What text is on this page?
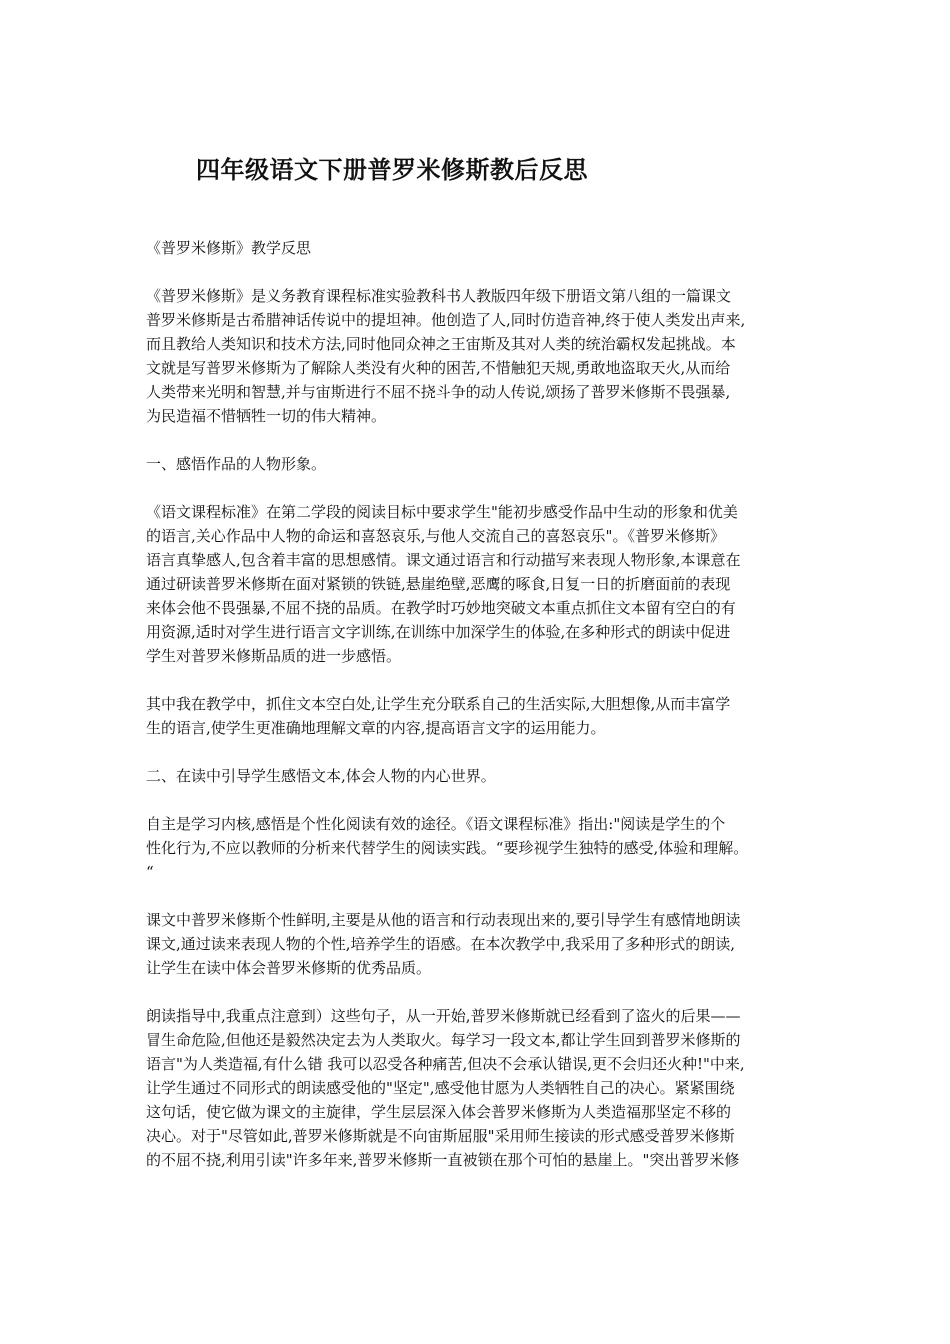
四年级语文下册普罗米修斯教后反思

《普罗米修斯》教学反思

《普罗米修斯》是义务教育课程标准实验教科书人教版四年级下册语文第八组的一篇课文
普罗米修斯是古希腊神话传说中的提坦神。他创造了人,同时仿造音神,终于使人类发出声来,
而且教给人类知识和技术方法,同时他同众神之王宙斯及其对人类的统治霸权发起挑战。本
文就是写普罗米修斯为了解除人类没有火种的困苦,不惜触犯天规,勇敢地盗取天火,从而给
人类带来光明和智慧,并与宙斯进行不屈不挠斗争的动人传说,颂扬了普罗米修斯不畏强暴,
为民造福不惜牺牲一切的伟大精神。

一、感悟作品的人物形象。

《语文课程标准》在第二学段的阅读目标中要求学生"能初步感受作品中生动的形象和优美
的语言,关心作品中人物的命运和喜怒哀乐,与他人交流自己的喜怒哀乐"。《普罗米修斯》
语言真挚感人,包含着丰富的思想感情。课文通过语言和行动描写来表现人物形象,本课意在
通过研读普罗米修斯在面对紧锁的铁链,悬崖绝壁,恶鹰的啄食,日复一日的折磨面前的表现
来体会他不畏强暴,不屈不挠的品质。在教学时巧妙地突破文本重点抓住文本留有空白的有
用资源,适时对学生进行语言文字训练,在训练中加深学生的体验,在多种形式的朗读中促进
学生对普罗米修斯品质的进一步感悟。

其中我在教学中，抓住文本空白处,让学生充分联系自己的生活实际,大胆想像,从而丰富学
生的语言,使学生更准确地理解文章的内容,提高语言文字的运用能力。

二、在读中引导学生感悟文本,体会人物的内心世界。

自主是学习内核,感悟是个性化阅读有效的途径。《语文课程标准》指出:"阅读是学生的个
性化行为,不应以教师的分析来代替学生的阅读实践。“要珍视学生独特的感受,体验和理解。
“

课文中普罗米修斯个性鲜明,主要是从他的语言和行动表现出来的,要引导学生有感情地朗读
课文,通过读来表现人物的个性,培养学生的语感。在本次教学中,我采用了多种形式的朗读,
让学生在读中体会普罗米修斯的优秀品质。

朗读指导中,我重点注意到）这些句子，从一开始,普罗米修斯就已经看到了盗火的后果——
冒生命危险,但他还是毅然决定去为人类取火。每学习一段文本,都让学生回到普罗米修斯的
语言"为人类造福,有什么错 我可以忍受各种痛苦,但决不会承认错误,更不会归还火种!"中来,
让学生通过不同形式的朗读感受他的"坚定",感受他甘愿为人类牺牲自己的决心。紧紧围绕
这句话，使它做为课文的主旋律，学生层层深入体会普罗米修斯为人类造福那坚定不移的
决心。对于"尽管如此,普罗米修斯就是不向宙斯屈服"采用师生接读的形式感受普罗米修斯
的不屈不挠,利用引读"许多年来,普罗米修斯一直被锁在那个可怕的悬崖上。"突出普罗米修
